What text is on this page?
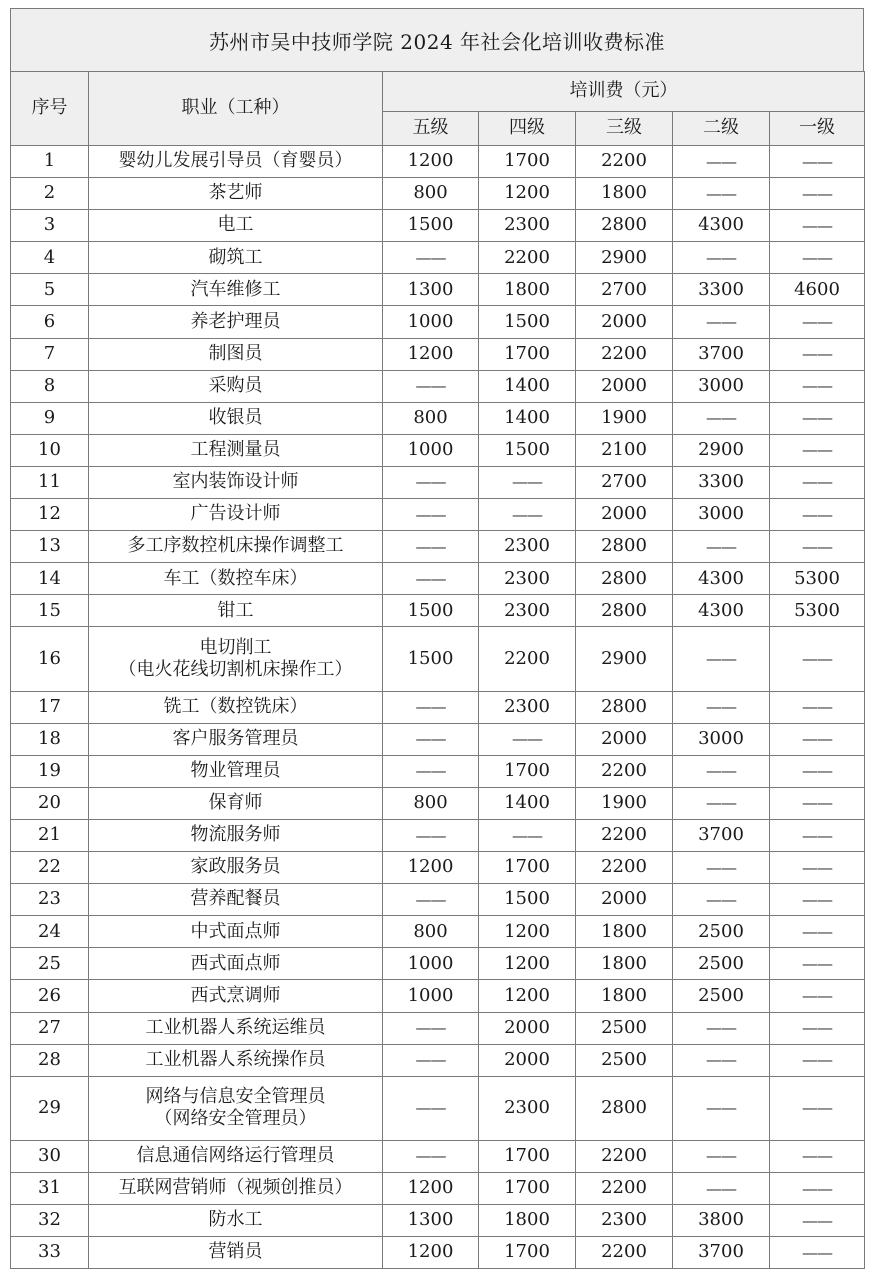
苏州市吴中技师学院 2024 年社会化培训收费标准
序号	职业（工种）	培训费（元）				
		五级	四级	三级	二级	一级
1	婴幼儿发展引导员（育婴员）	1200	1700	2200	——	——
2	茶艺师	800	1200	1800	——	——
3	电工	1500	2300	2800	4300	——
4	砌筑工	——	2200	2900	——	——
5	汽车维修工	1300	1800	2700	3300	4600
6	养老护理员	1000	1500	2000	——	——
7	制图员	1200	1700	2200	3700	——
8	采购员	——	1400	2000	3000	——
9	收银员	800	1400	1900	——	——
10	工程测量员	1000	1500	2100	2900	——
11	室内装饰设计师	——	——	2700	3300	——
12	广告设计师	——	——	2000	3000	——
13	多工序数控机床操作调整工	——	2300	2800	——	——
14	车工（数控车床）	——	2300	2800	4300	5300
15	钳工	1500	2300	2800	4300	5300
16	电切削工
（电火花线切割机床操作工）	1500	2200	2900	——	——
17	铣工（数控铣床）	——	2300	2800	——	——
18	客户服务管理员	——	——	2000	3000	——
19	物业管理员	——	1700	2200	——	——
20	保育师	800	1400	1900	——	——
21	物流服务师	——	——	2200	3700	——
22	家政服务员	1200	1700	2200	——	——
23	营养配餐员	——	1500	2000	——	——
24	中式面点师	800	1200	1800	2500	——
25	西式面点师	1000	1200	1800	2500	——
26	西式烹调师	1000	1200	1800	2500	——
27	工业机器人系统运维员	——	2000	2500	——	——
28	工业机器人系统操作员	——	2000	2500	——	——
29	网络与信息安全管理员
（网络安全管理员）	——	2300	2800	——	——
30	信息通信网络运行管理员	——	1700	2200	——	——
31	互联网营销师（视频创推员）	1200	1700	2200	——	——
32	防水工	1300	1800	2300	3800	——
33	营销员	1200	1700	2200	3700	——
